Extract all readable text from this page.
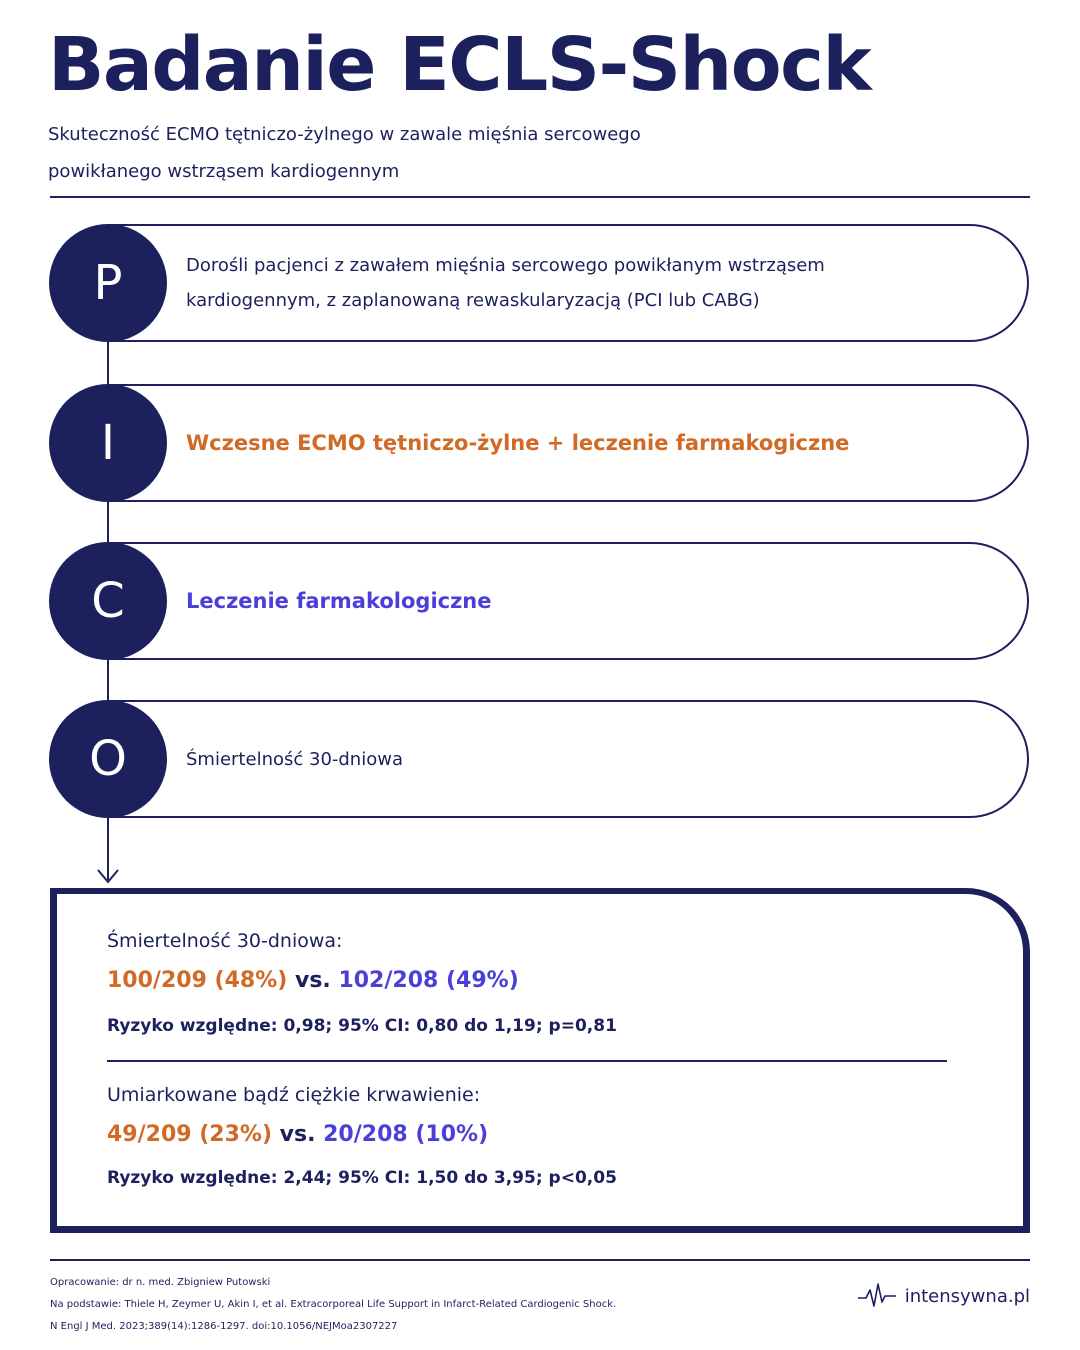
Badanie ECLS-Shock
Skuteczność ECMO tętniczo-żylnego w zawale mięśnia sercowego
powikłanego wstrząsem kardiogennym
P	Dorośli pacjenci z zawałem mięśnia sercowego powikłanym wstrząsem
kardiogennym, z zaplanowaną rewaskularyzacją (PCI lub CABG)
I	Wczesne ECMO tętniczo-żylne + leczenie farmakogiczne
C	Leczenie farmakologiczne
O	Śmiertelność 30-dniowa
Śmiertelność 30-dniowa:
100/209 (48%) vs. 102/208 (49%)
Ryzyko względne: 0,98; 95% CI: 0,80 do 1,19; p=0,81
Umiarkowane bądź ciężkie krwawienie:
49/209 (23%) vs. 20/208 (10%)
Ryzyko względne: 2,44; 95% CI: 1,50 do 3,95; p<0,05
Opracowanie: dr n. med. Zbigniew Putowski
Na podstawie: Thiele H, Zeymer U, Akin I, et al. Extracorporeal Life Support in Infarct-Related Cardiogenic Shock.
N Engl J Med. 2023;389(14):1286-1297. doi:10.1056/NEJMoa2307227
intensywna.pl
